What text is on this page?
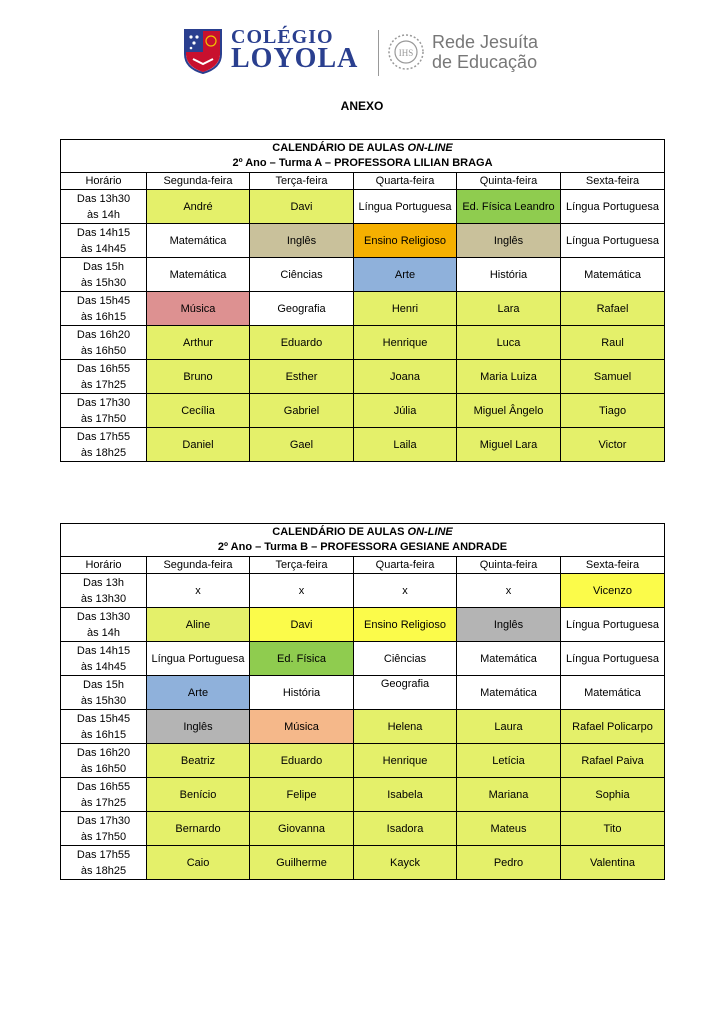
COLÉGIO
LOYOLA	IHS
Rede Jesuíta
de Educação
ANEXO
CALENDÁRIO DE AULAS ON-LINE
2º Ano – Turma A – PROFESSORA LILIAN BRAGA					

Horário	Segunda-feira	Terça-feira	Quarta-feira	Quinta-feira	Sexta-feira

Das 13h30
às 14h	André	Davi	Língua Portuguesa	Ed. Física Leandro	Língua Portuguesa

Das 14h15
às 14h45	Matemática	Inglês	Ensino Religioso	Inglês	Língua Portuguesa

Das 15h
às 15h30	Matemática	Ciências	Arte	História	Matemática

Das 15h45
às 16h15	Música	Geografia	Henri	Lara	Rafael

Das 16h20
às 16h50	Arthur	Eduardo	Henrique	Luca	Raul

Das 16h55
às 17h25	Bruno	Esther	Joana	Maria Luiza	Samuel

Das 17h30
às 17h50	Cecília	Gabriel	Júlia	Miguel Ângelo	Tiago

Das 17h55
às 18h25	Daniel	Gael	Laila	Miguel Lara	Victor
CALENDÁRIO DE AULAS ON-LINE
2º Ano – Turma B – PROFESSORA GESIANE ANDRADE					

Horário	Segunda-feira	Terça-feira	Quarta-feira	Quinta-feira	Sexta-feira

Das 13h
às 13h30	x	x	x	x	Vicenzo

Das 13h30
às 14h	Aline	Davi	Ensino Religioso	Inglês	Língua Portuguesa

Das 14h15
às 14h45	Língua Portuguesa	Ed. Física	Ciências	Matemática	Língua Portuguesa

Das 15h
às 15h30	Arte	História	Geografia	Matemática	Matemática

Das 15h45
às 16h15	Inglês	Música	Helena	Laura	Rafael Policarpo

Das 16h20
às 16h50	Beatriz	Eduardo	Henrique	Letícia	Rafael Paiva

Das 16h55
às 17h25	Benício	Felipe	Isabela	Mariana	Sophia

Das 17h30
às 17h50	Bernardo	Giovanna	Isadora	Mateus	Tito

Das 17h55
às 18h25	Caio	Guilherme	Kayck	Pedro	Valentina
